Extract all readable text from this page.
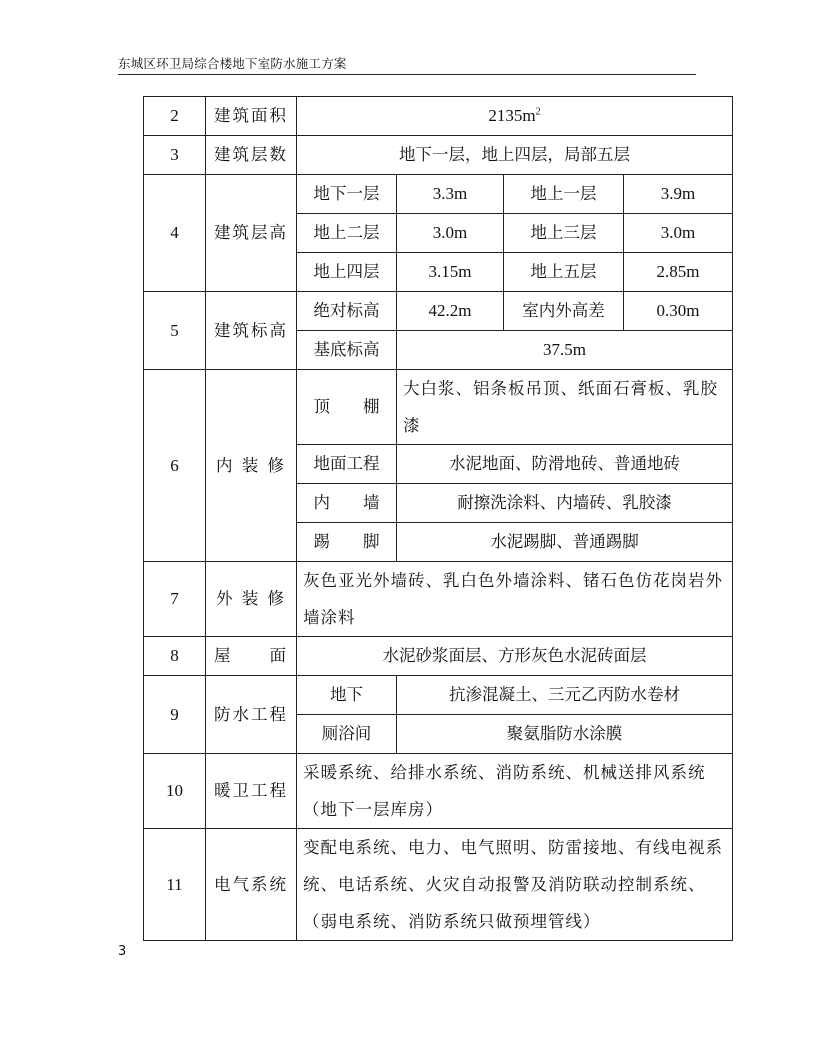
东城区环卫局综合楼地下室防水施工方案
2	建筑面积	$2135m^2$
3	建筑层数	地下一层，地上四层，局部五层			
4	建筑层高	地下一层	3.3m	地上一层	3.9m
		地上二层	3.0m	地上三层	3.0m
		地上四层	3.15m	地上五层	2.85m
5	建筑标高	绝对标高	42.2m	室内外高差	0.30m
		基底标高	37.5m		
6	内 装 修	顶　　棚	大白浆、铝条板吊顶、纸面石膏板、乳胶漆		
		地面工程	水泥地面、防滑地砖、普通地砖		
		内　　墙	耐擦洗涂料、内墙砖、乳胶漆		
		踢　　脚	水泥踢脚、普通踢脚		
7	外 装 修	灰色亚光外墙砖、乳白色外墙涂料、锗石色仿花岗岩外墙涂料			
8	屋　　面	水泥砂浆面层、方形灰色水泥砖面层			
9	防水工程	地下	抗渗混凝土、三元乙丙防水卷材		
		厕浴间	聚氨脂防水涂膜		
10	暖卫工程	采暖系统、给排水系统、消防系统、机械送排风系统（地下一层库房）			
11	电气系统	变配电系统、电力、电气照明、防雷接地、有线电视系统、电话系统、火灾自动报警及消防联动控制系统、（弱电系统、消防系统只做预埋管线）			
3
